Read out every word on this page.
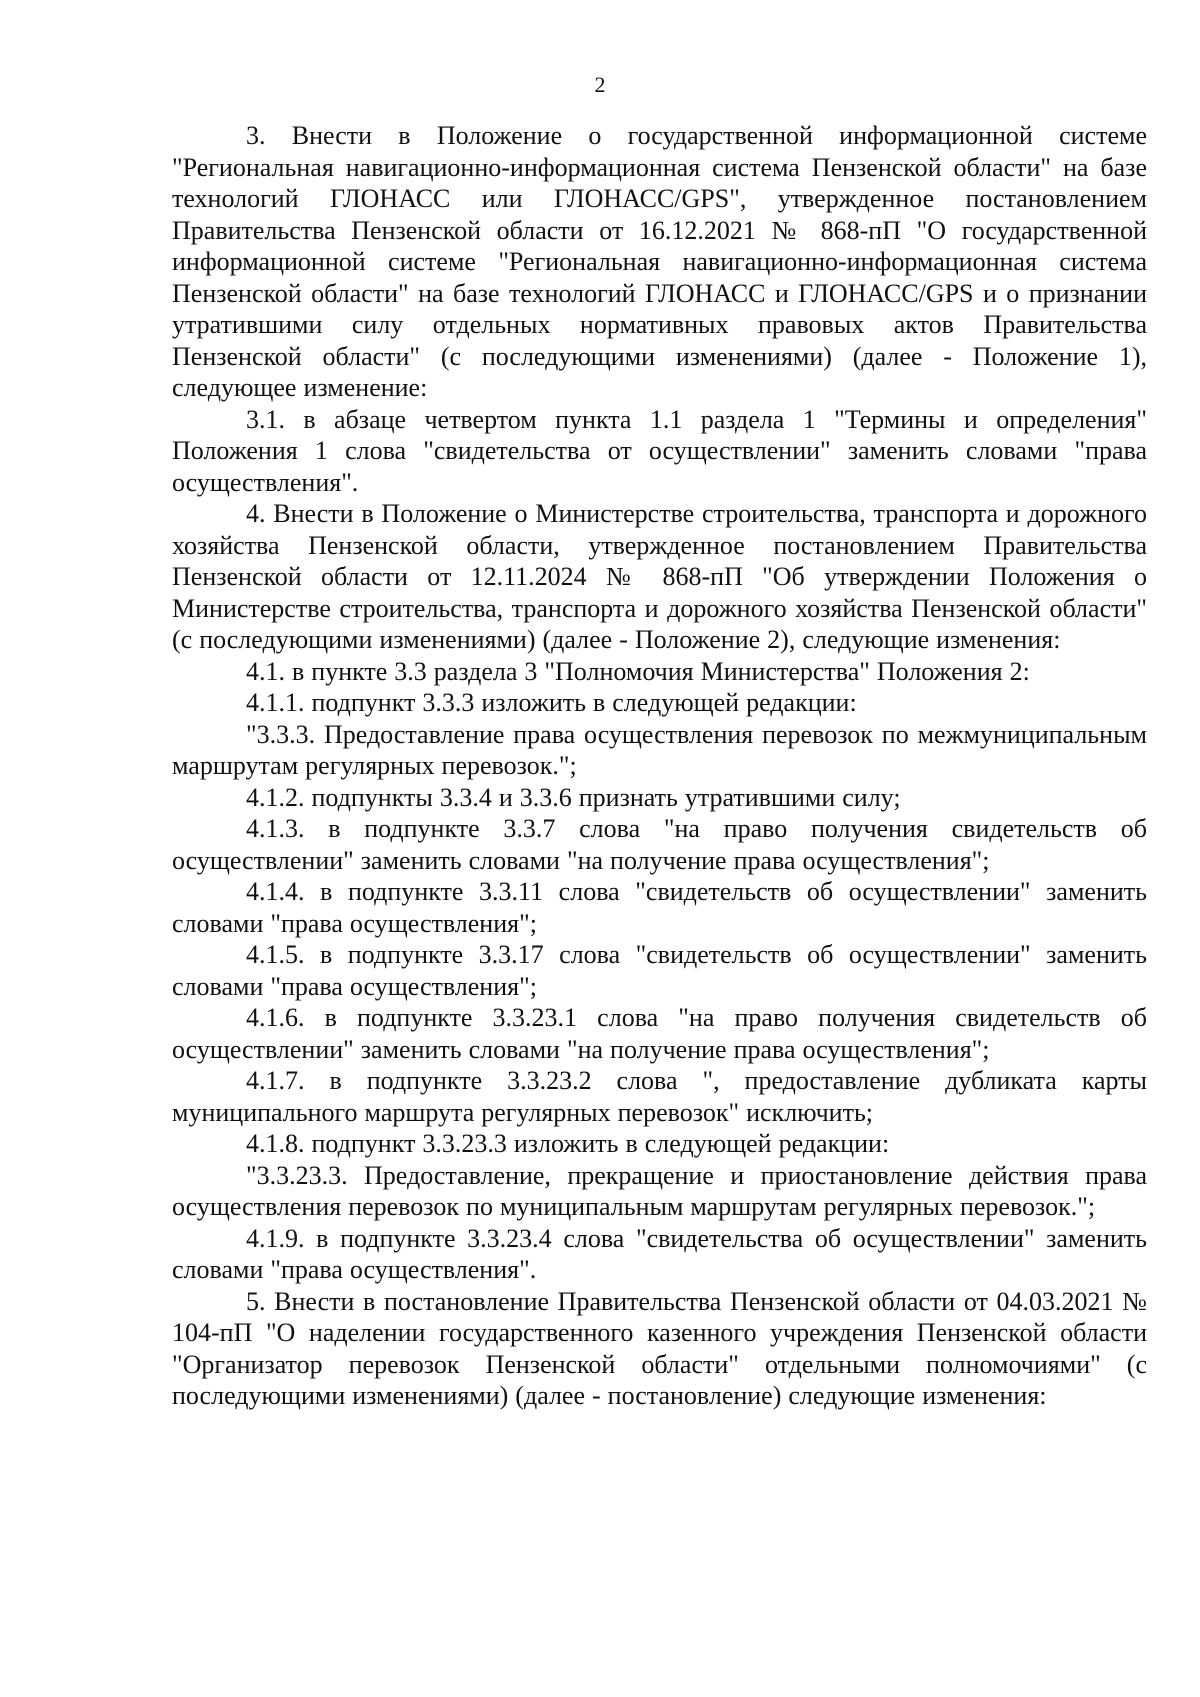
2

3. Внести в Положение о государственной информационной системе "Региональная навигационно-информационная система Пензенской области" на базе технологий ГЛОНАСС или ГЛОНАСС/GPS", утвержденное постановлением Правительства Пензенской области от 16.12.2021 № 868-пП "О государственной информационной системе "Региональная навигационно-информационная система Пензенской области" на базе технологий ГЛОНАСС и ГЛОНАСС/GPS и о признании утратившими силу отдельных нормативных правовых актов Правительства Пензенской области" (с последующими изменениями) (далее - Положение 1), следующее изменение:

3.1. в абзаце четвертом пункта 1.1 раздела 1 "Термины и определения" Положения 1 слова "свидетельства от осуществлении" заменить словами "права осуществления".

4. Внести в Положение о Министерстве строительства, транспорта и дорожного хозяйства Пензенской области, утвержденное постановлением Правительства Пензенской области от 12.11.2024 № 868-пП "Об утверждении Положения о Министерстве строительства, транспорта и дорожного хозяйства Пензенской области" (с последующими изменениями) (далее - Положение 2), следующие изменения:

4.1. в пункте 3.3 раздела 3 "Полномочия Министерства" Положения 2:

4.1.1. подпункт 3.3.3 изложить в следующей редакции:

"3.3.3. Предоставление права осуществления перевозок по межмуниципальным маршрутам регулярных перевозок.";

4.1.2. подпункты 3.3.4 и 3.3.6 признать утратившими силу;

4.1.3. в подпункте 3.3.7 слова "на право получения свидетельств об осуществлении" заменить словами "на получение права осуществления";

4.1.4. в подпункте 3.3.11 слова "свидетельств об осуществлении" заменить словами "права осуществления";

4.1.5. в подпункте 3.3.17 слова "свидетельств об осуществлении" заменить словами "права осуществления";

4.1.6. в подпункте 3.3.23.1 слова "на право получения свидетельств об осуществлении" заменить словами "на получение права осуществления";

4.1.7. в подпункте 3.3.23.2 слова ", предоставление дубликата карты муниципального маршрута регулярных перевозок" исключить;

4.1.8. подпункт 3.3.23.3 изложить в следующей редакции:

"3.3.23.3. Предоставление, прекращение и приостановление действия права осуществления перевозок по муниципальным маршрутам регулярных перевозок.";

4.1.9. в подпункте 3.3.23.4 слова "свидетельства об осуществлении" заменить словами "права осуществления".

5. Внести в постановление Правительства Пензенской области от 04.03.2021 № 104-пП "О наделении государственного казенного учреждения Пензенской области "Организатор перевозок Пензенской области" отдельными полномочиями" (с последующими изменениями) (далее - постановление) следующие изменения:
